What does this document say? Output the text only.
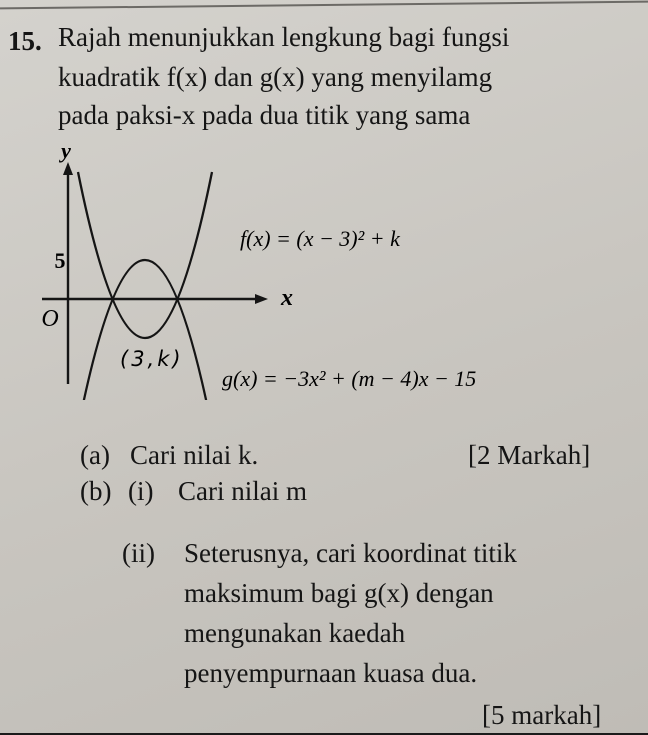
15. Rajah menunjukkan lengkung bagi fungsi
kuadratik f(x) dan g(x) yang menyilamg
pada paksi-x pada dua titik yang sama
y
x
O
5
(3,k)
f(x) = (x − 3)² + k
g(x) = −3x² + (m − 4)x − 15
(a) Cari nilai k.	[2 Markah]
(b) (i) Cari nilai m
(ii) Seterusnya, cari koordinat titik
maksimum bagi g(x) dengan
mengunakan kaedah
penyempurnaan kuasa dua.
[5 markah]
